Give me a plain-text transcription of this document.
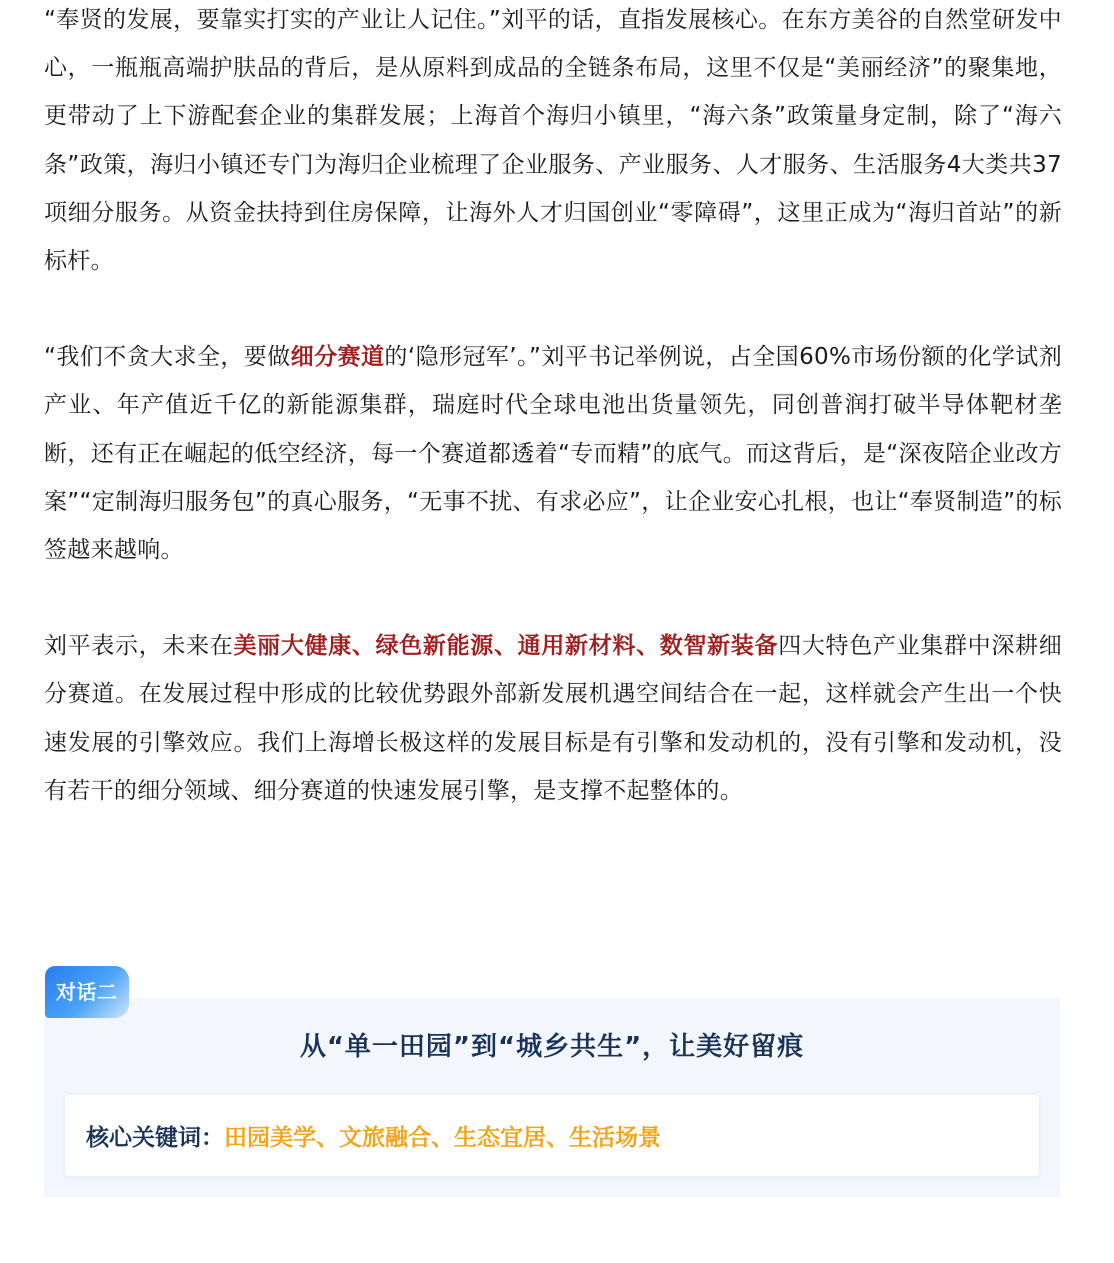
“奉贤的发展，要靠实打实的产业让人记住。”刘平的话，直指发展核心。在东方美谷的自然堂研发中心，一瓶瓶高端护肤品的背后，是从原料到成品的全链条布局，这里不仅是“美丽经济”的聚集地，更带动了上下游配套企业的集群发展；上海首个海归小镇里，“海六条”政策量身定制，除了“海六条”政策，海归小镇还专门为海归企业梳理了企业服务、产业服务、人才服务、生活服务4大类共37项细分服务。从资金扶持到住房保障，让海外人才归国创业“零障碍”，这里正成为“海归首站”的新标杆。

“我们不贪大求全，要做细分赛道的‘隐形冠军’。”刘平书记举例说，占全国60%市场份额的化学试剂产业、年产值近千亿的新能源集群，瑞庭时代全球电池出货量领先，同创普润打破半导体靶材垄断，还有正在崛起的低空经济，每一个赛道都透着“专而精”的底气。而这背后，是“深夜陪企业改方案”“定制海归服务包”的真心服务，“无事不扰、有求必应”，让企业安心扎根，也让“奉贤制造”的标签越来越响。

刘平表示，未来在美丽大健康、绿色新能源、通用新材料、数智新装备四大特色产业集群中深耕细分赛道。在发展过程中形成的比较优势跟外部新发展机遇空间结合在一起，这样就会产生出一个快速发展的引擎效应。我们上海增长极这样的发展目标是有引擎和发动机的，没有引擎和发动机，没有若干的细分领域、细分赛道的快速发展引擎，是支撑不起整体的。

对话二
从“单一田园”到“城乡共生”，让美好留痕
核心关键词：田园美学、文旅融合、生态宜居、生活场景
